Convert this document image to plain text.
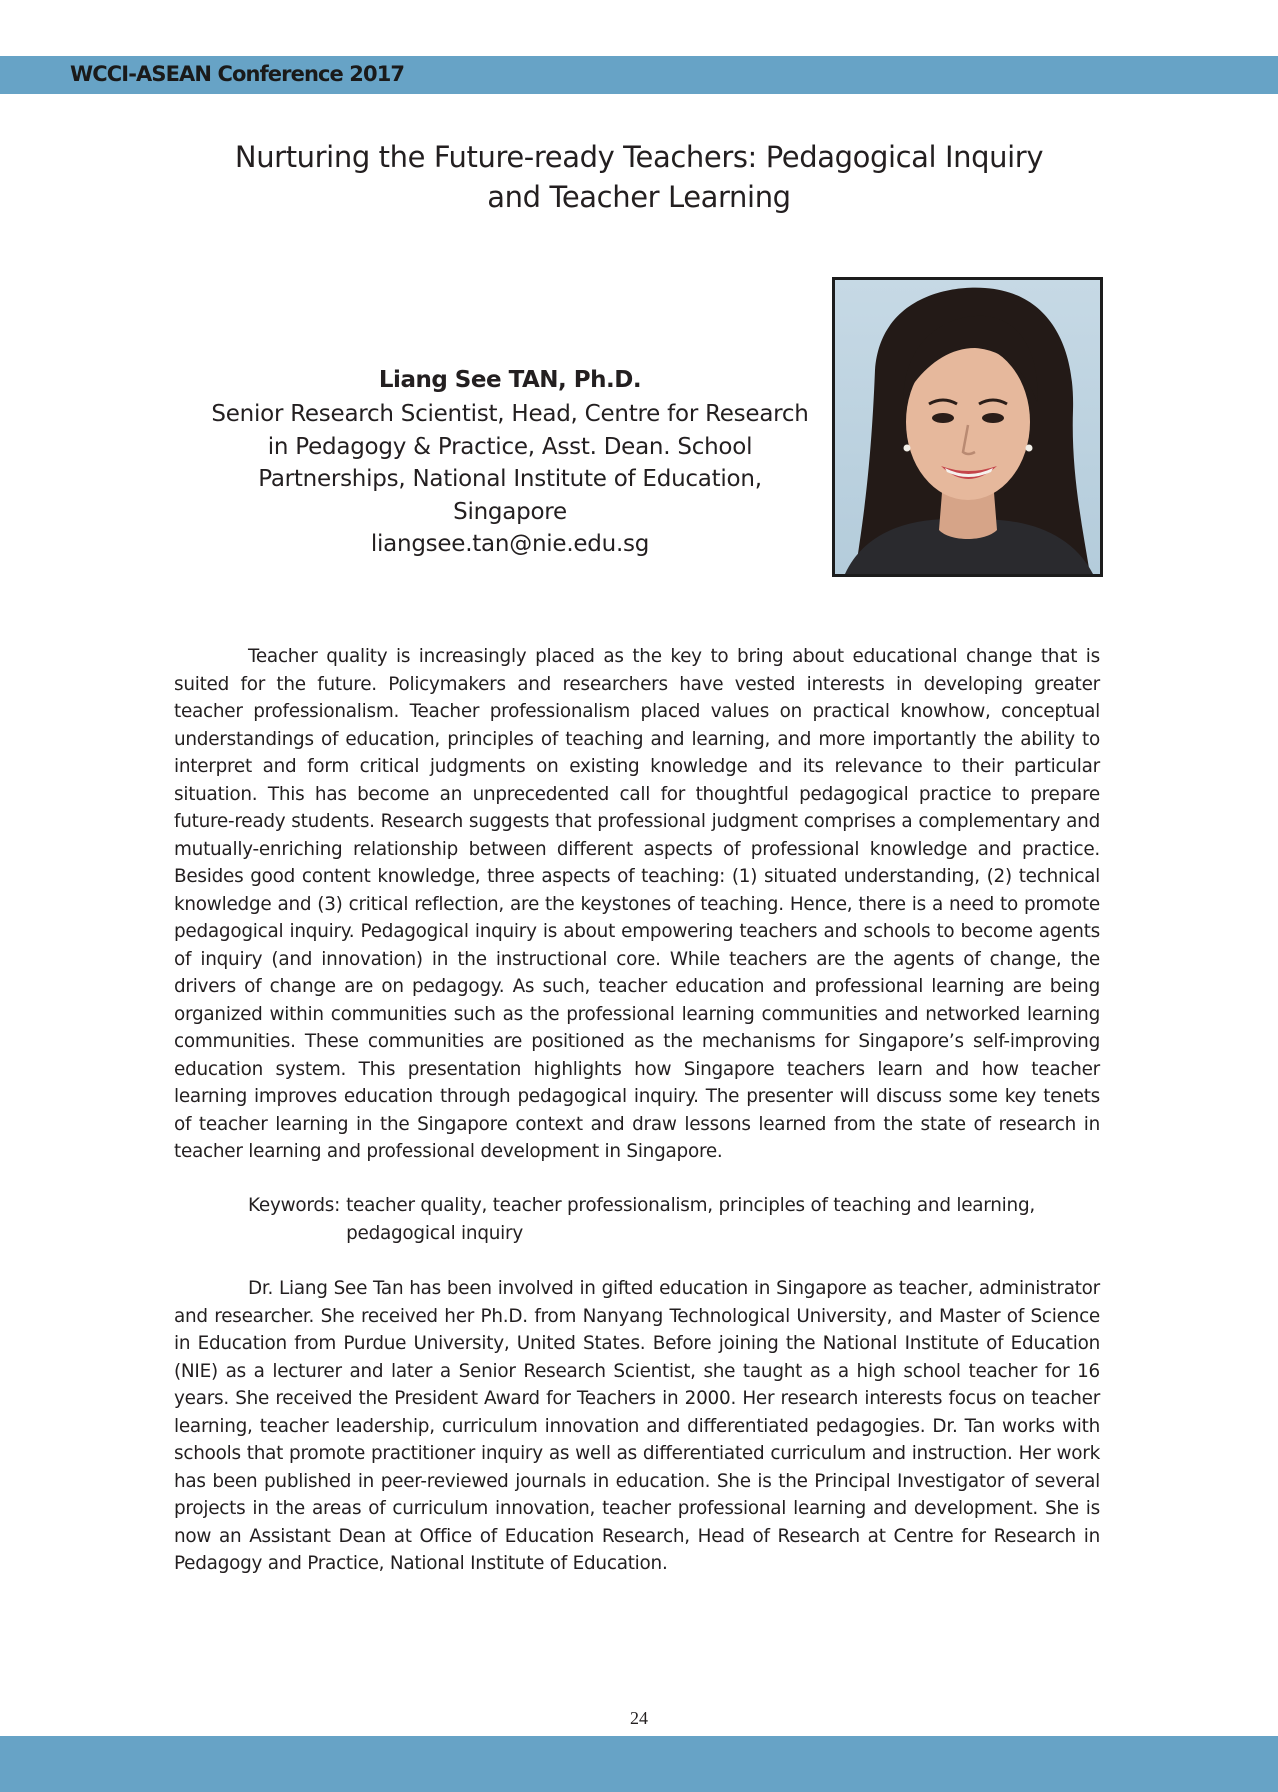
WCCI-ASEAN Conference 2017
Nurturing the Future-ready Teachers: Pedagogical Inquiry
and Teacher Learning
Liang See TAN, Ph.D.
Senior Research Scientist, Head, Centre for Research
in Pedagogy & Practice, Asst. Dean. School
Partnerships, National Institute of Education,
Singapore
liangsee.tan@nie.edu.sg

Teacher quality is increasingly placed as the key to bring about educational change that is suited for the future. Policymakers and researchers have vested interests in developing greater teacher professionalism. Teacher professionalism placed values on practical knowhow, conceptual understandings of education, principles of teaching and learning, and more importantly the ability to interpret and form critical judgments on existing knowledge and its relevance to their particular situation. This has become an unprecedented call for thoughtful pedagogical practice to prepare future-ready students. Research suggests that professional judgment comprises a complementary and mutually-enriching relationship between different aspects of professional knowledge and practice. Besides good content knowledge, three aspects of teaching: (1) situated understanding, (2) technical knowledge and (3) critical reflection, are the keystones of teaching. Hence, there is a need to promote pedagogical inquiry. Pedagogical inquiry is about empowering teachers and schools to become agents of inquiry (and innovation) in the instructional core. While teachers are the agents of change, the drivers of change are on pedagogy. As such, teacher education and professional learning are being organized within communities such as the professional learning communities and networked learning communities. These communities are positioned as the mechanisms for Singapore’s self-improving education system. This presentation highlights how Singapore teachers learn and how teacher learning improves education through pedagogical inquiry. The presenter will discuss some key tenets of teacher learning in the Singapore context and draw lessons learned from the state of research in teacher learning and professional development in Singapore.

Keywords: teacher quality, teacher professionalism, principles of teaching and learning, pedagogical inquiry

Dr. Liang See Tan has been involved in gifted education in Singapore as teacher, administrator and researcher. She received her Ph.D. from Nanyang Technological University, and Master of Science in Education from Purdue University, United States. Before joining the National Institute of Education (NIE) as a lecturer and later a Senior Research Scientist, she taught as a high school teacher for 16 years. She received the President Award for Teachers in 2000. Her research interests focus on teacher learning, teacher leadership, curriculum innovation and differentiated pedagogies. Dr. Tan works with schools that promote practitioner inquiry as well as differentiated curriculum and instruction. Her work has been published in peer-reviewed journals in education. She is the Principal Investigator of several projects in the areas of curriculum innovation, teacher professional learning and development. She is now an Assistant Dean at Office of Education Research, Head of Research at Centre for Research in Pedagogy and Practice, National Institute of Education.

24
